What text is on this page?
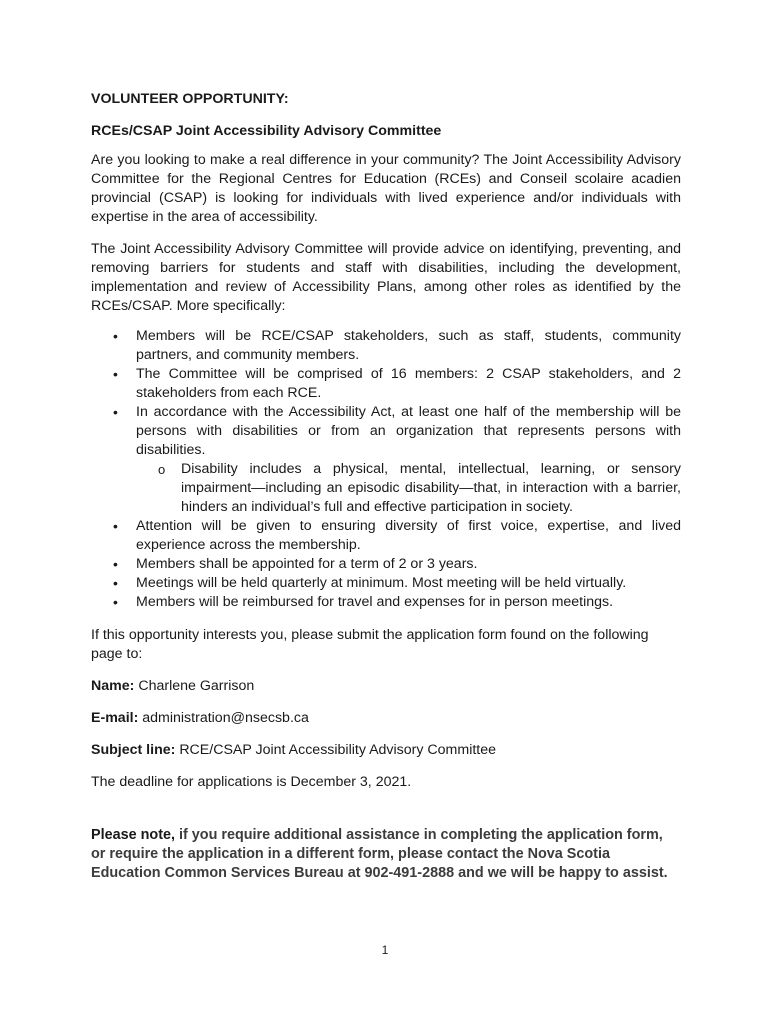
VOLUNTEER OPPORTUNITY:

RCEs/CSAP Joint Accessibility Advisory Committee

Are you looking to make a real difference in your community? The Joint Accessibility Advisory Committee for the Regional Centres for Education (RCEs) and Conseil scolaire acadien provincial (CSAP) is looking for individuals with lived experience and/or individuals with expertise in the area of accessibility.

The Joint Accessibility Advisory Committee will provide advice on identifying, preventing, and removing barriers for students and staff with disabilities, including the development, implementation and review of Accessibility Plans, among other roles as identified by the RCEs/CSAP. More specifically:

• Members will be RCE/CSAP stakeholders, such as staff, students, community partners, and community members.
• The Committee will be comprised of 16 members: 2 CSAP stakeholders, and 2 stakeholders from each RCE.
• In accordance with the Accessibility Act, at least one half of the membership will be persons with disabilities or from an organization that represents persons with disabilities.
o Disability includes a physical, mental, intellectual, learning, or sensory impairment—including an episodic disability—that, in interaction with a barrier, hinders an individual’s full and effective participation in society.
• Attention will be given to ensuring diversity of first voice, expertise, and lived experience across the membership.
• Members shall be appointed for a term of 2 or 3 years.
• Meetings will be held quarterly at minimum. Most meeting will be held virtually.
• Members will be reimbursed for travel and expenses for in person meetings.

If this opportunity interests you, please submit the application form found on the following page to:

Name: Charlene Garrison

E-mail: administration@nsecsb.ca

Subject line: RCE/CSAP Joint Accessibility Advisory Committee

The deadline for applications is December 3, 2021.

Please note, if you require additional assistance in completing the application form, or require the application in a different form, please contact the Nova Scotia Education Common Services Bureau at 902-491-2888 and we will be happy to assist.

1
